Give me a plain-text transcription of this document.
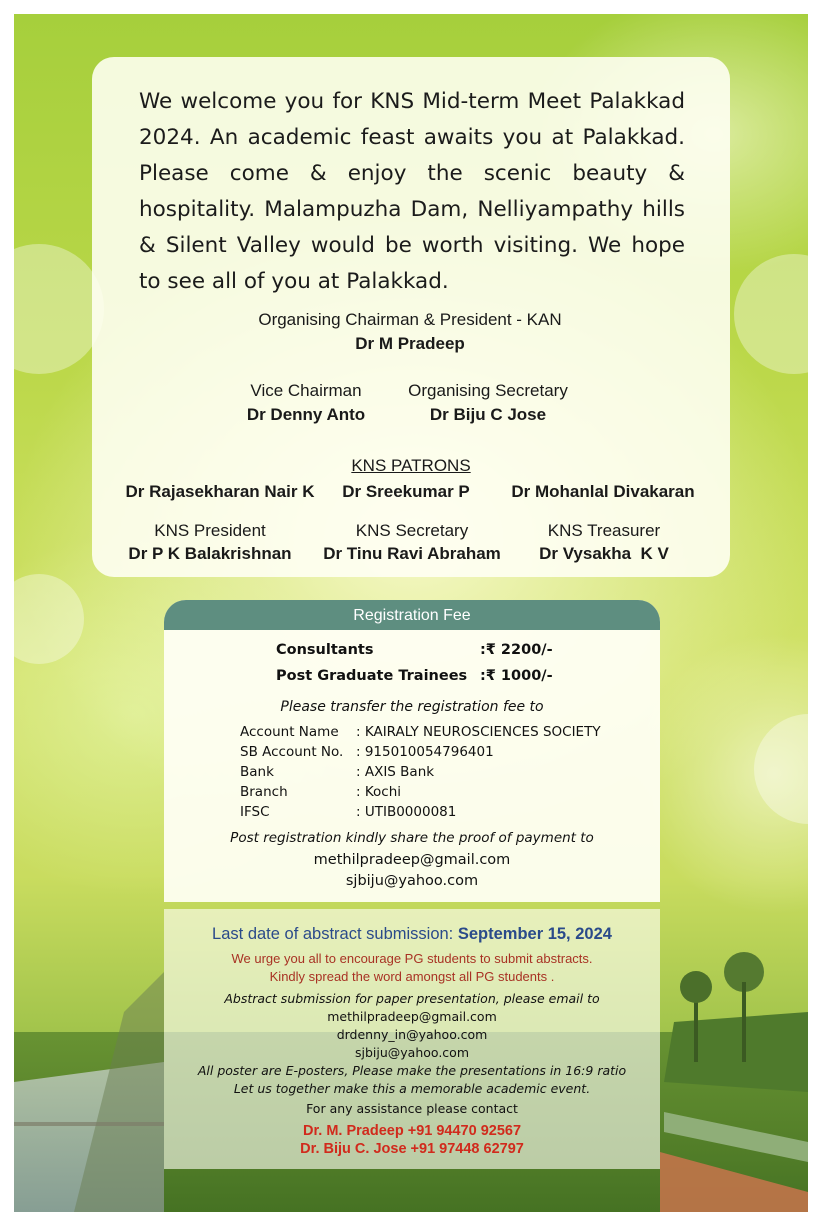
We welcome you for KNS Mid-term Meet Palakkad 2024. An academic feast awaits you at Palakkad. Please come & enjoy the scenic beauty & hospitality. Malampuzha Dam, Nelliyampathy hills & Silent Valley would be worth visiting. We hope to see all of you at Palakkad.
Organising Chairman & President - KAN
Dr M Pradeep
Vice Chairman
Dr Denny Anto
Organising Secretary
Dr Biju C Jose
KNS PATRONS
Dr Rajasekharan Nair K	Dr Sreekumar P	Dr Mohanlal Divakaran
KNS President
Dr P K Balakrishnan
KNS Secretary
Dr Tinu Ravi Abraham
KNS Treasurer
Dr Vysakha  K V
Registration Fee
Consultants	:₹ 2200/-
Post Graduate Trainees :₹ 1000/-
Please transfer the registration fee to
Account Name : KAIRALY NEUROSCIENCES SOCIETY
SB Account No. : 915010054796401
Bank	: AXIS Bank
Branch	: Kochi
IFSC	: UTIB0000081
Post registration kindly share the proof of payment to
methilpradeep@gmail.com
sjbiju@yahoo.com
Last date of abstract submission: September 15, 2024
We urge you all to encourage PG students to submit abstracts.
Kindly spread the word amongst all PG students .
Abstract submission for paper presentation, please email to
methilpradeep@gmail.com
drdenny_in@yahoo.com
sjbiju@yahoo.com
All poster are E-posters, Please make the presentations in 16:9 ratio
Let us together make this a memorable academic event.
For any assistance please contact
Dr. M. Pradeep +91 94470 92567
Dr. Biju C. Jose +91 97448 62797
